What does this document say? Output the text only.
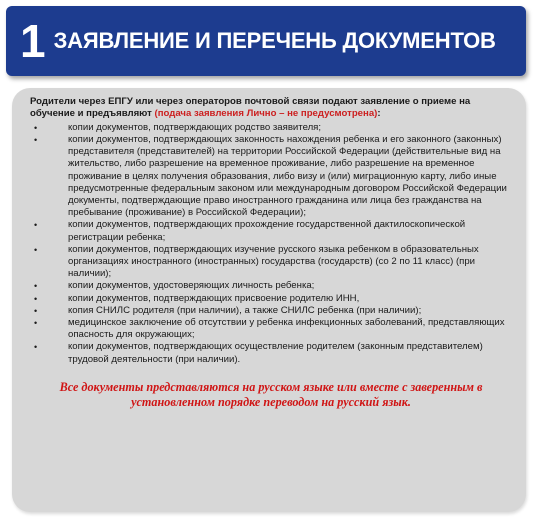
1 ЗАЯВЛЕНИЕ И ПЕРЕЧЕНЬ ДОКУМЕНТОВ

Родители через ЕПГУ или через операторов почтовой связи подают заявление о приеме на обучение и предъявляют (подача заявления Лично – не предусмотрена):

•	копии документов, подтверждающих родство заявителя;
•	копии документов, подтверждающих законность нахождения ребенка и его законного (законных) представителя (представителей) на территории Российской Федерации (действительные вид на жительство, либо разрешение на временное проживание, либо разрешение на временное проживание в целях получения образования, либо визу и (или) миграционную карту, либо иные предусмотренные федеральным законом или международным договором Российской Федерации документы, подтверждающие право иностранного гражданина или лица без гражданства на пребывание (проживание) в Российской Федерации);
•	копии документов, подтверждающих прохождение государственной дактилоскопической регистрации ребенка;
•	копии документов, подтверждающих изучение русского языка ребенком в образовательных организациях иностранного (иностранных) государства (государств) (со 2 по 11 класс) (при наличии);
•	копии документов, удостоверяющих личность ребенка;
•	копии документов, подтверждающих присвоение родителю ИНН,
•	копия СНИЛС родителя (при наличии), а также СНИЛС ребенка (при наличии);
•	медицинское заключение об отсутствии у ребенка инфекционных заболеваний, представляющих опасность для окружающих;
•	копии документов, подтверждающих осуществление родителем (законным представителем) трудовой деятельности (при наличии).
Все документы представляются на русском языке или вместе с заверенным в установленном порядке переводом на русский язык.
